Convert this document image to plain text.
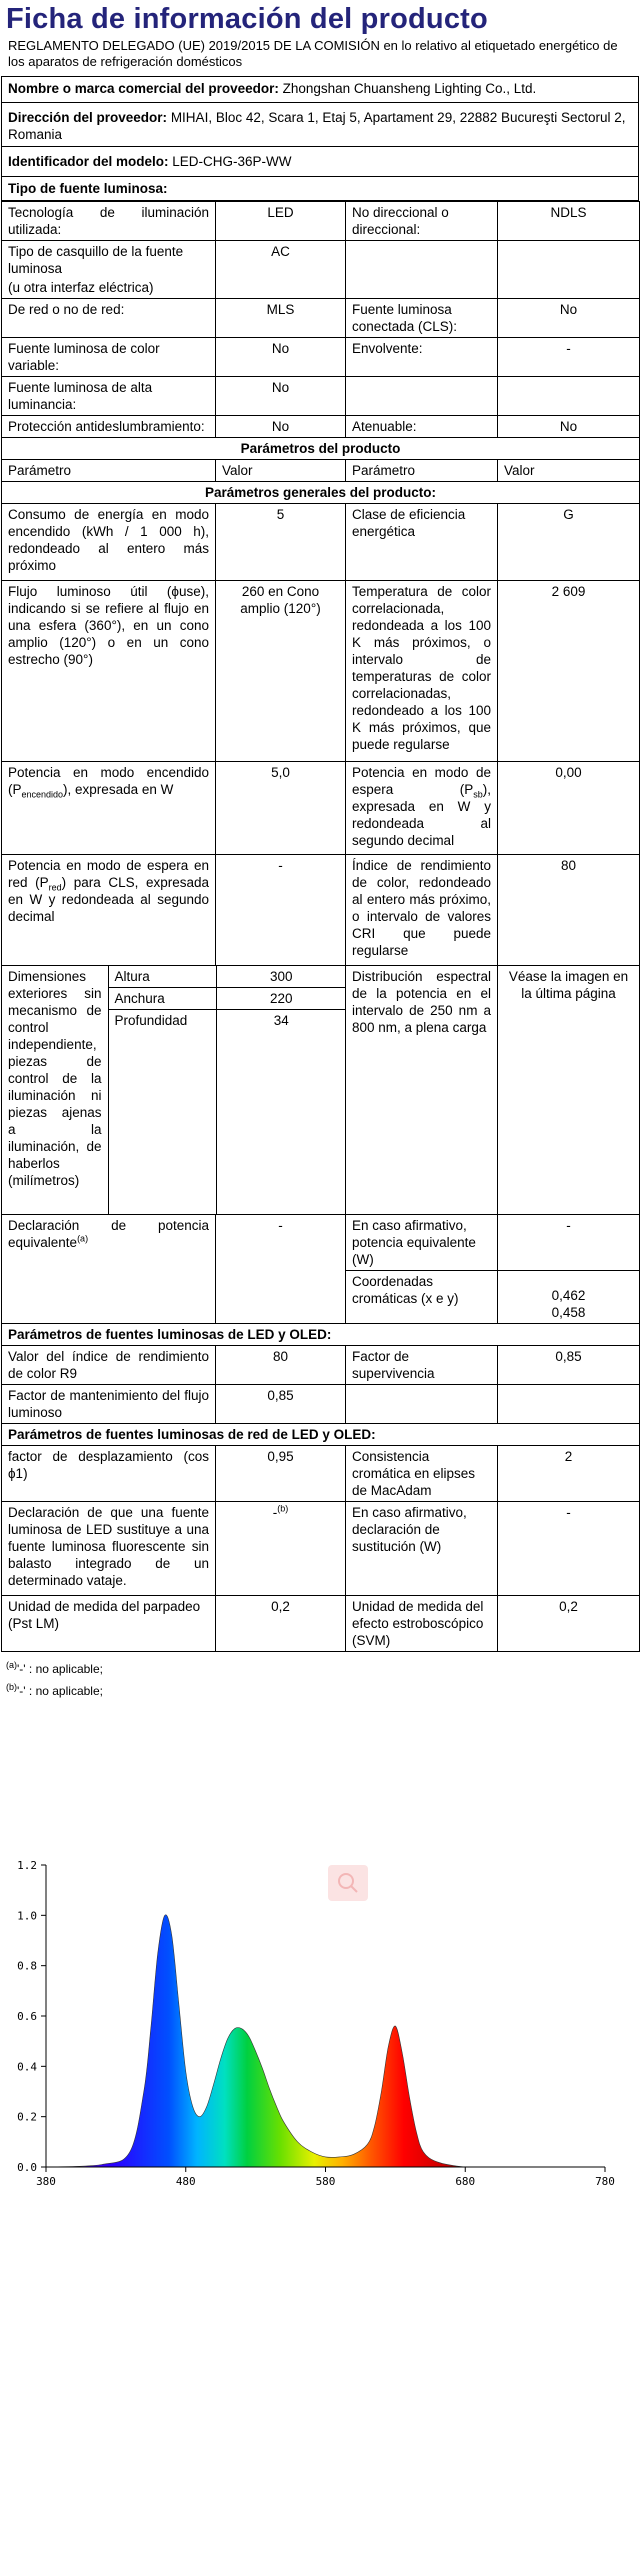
Ficha de información del producto
REGLAMENTO DELEGADO (UE) 2019/2015 DE LA COMISIÓN en lo relativo al etiquetado energético de los aparatos de refrigeración domésticos
Nombre o marca comercial del proveedor: Zhongshan Chuansheng Lighting Co., Ltd.
Dirección del proveedor: MIHAI, Bloc 42, Scara 1, Etaj 5, Apartament 29, 22882 Bucureşti Sectorul 2, Romania
Identificador del modelo: LED-CHG-36P-WW
Tipo de fuente luminosa:
Tecnología de iluminación utilizada:	LED	No direccional o direccional:	NDLS

Tipo de casquillo de la fuente luminosa
(u otra interfaz eléctrica)
	AC		
De red o no de red:	MLS	Fuente luminosa conectada (CLS):	No
Fuente luminosa de color variable:	No	Envolvente:	-
Fuente luminosa de alta luminancia:	No		
Protección antideslumbramiento:	No	Atenuable:	No
Parámetros del producto
Parámetro	Valor	Parámetro	Valor
Parámetros generales del producto:
Consumo de energía en modo encendido (kWh / 1 000 h), redondeado al entero más próximo	5	Clase de eficiencia energética	G
Flujo luminoso útil (ϕuse), indicando si se refiere al flujo en una esfera (360°), en un cono amplio (120°) o en un cono estrecho (90°)	260 en Cono amplio (120°)	Temperatura de color correlacionada, redondeada a los 100 K más próximos, o intervalo de temperaturas de color correlacionadas, redondeado a los 100 K más próximos, que puede regularse	2 609
Potencia en modo encendido $(P_{encendido})$, expresada en W	5,0	Potencia en modo de espera $(P_{sb})$, expresada en W y redondeada al segundo decimal	0,00
Potencia en modo de espera en red $(P_{red})$ para CLS, expresada en W y redondeada al segundo decimal	-	Índice de rendimiento de color, redondeado al entero más próximo, o intervalo de valores CRI que puede regularse	80

Dimensiones exteriores sin mecanismo de control independiente, piezas de control de la iluminación ni piezas ajenas a la iluminación, de haberlos (milímetros)	Altura	300
Anchura	220
Profundidad	34
	Distribución espectral de la potencia en el intervalo de 250 nm a 800 nm, a plena carga	Véase la imagen en la última página
Declaración de potencia equivalente$^{(a)}$	-	En caso afirmativo, potencia equivalente (W)	-
Coordenadas cromáticas (x e y)	0,462
0,458

Parámetros de fuentes luminosas de LED y OLED:
Valor del índice de rendimiento de color R9	80	Factor de supervivencia	0,85
Factor de mantenimiento del flujo luminoso	0,85		
Parámetros de fuentes luminosas de red de LED y OLED:
factor de desplazamiento (cos ϕ1)	0,95	Consistencia cromática en elipses de MacAdam	2
Declaración de que una fuente luminosa de LED sustituye a una fuente luminosa fluorescente sin balasto integrado de un determinado vataje.	-$^{(b)}$	En caso afirmativo, declaración de sustitución (W)	-
Unidad de medida del parpadeo (Pst LM)	0,2	Unidad de medida del efecto estroboscópico (SVM)	0,2
$^{(a)}$'-' : no aplicable;
$^{(b)}$'-' : no aplicable;
0.0
0.2
0.4
0.6
0.8
1.0
1.2
380	480	580	680	780
